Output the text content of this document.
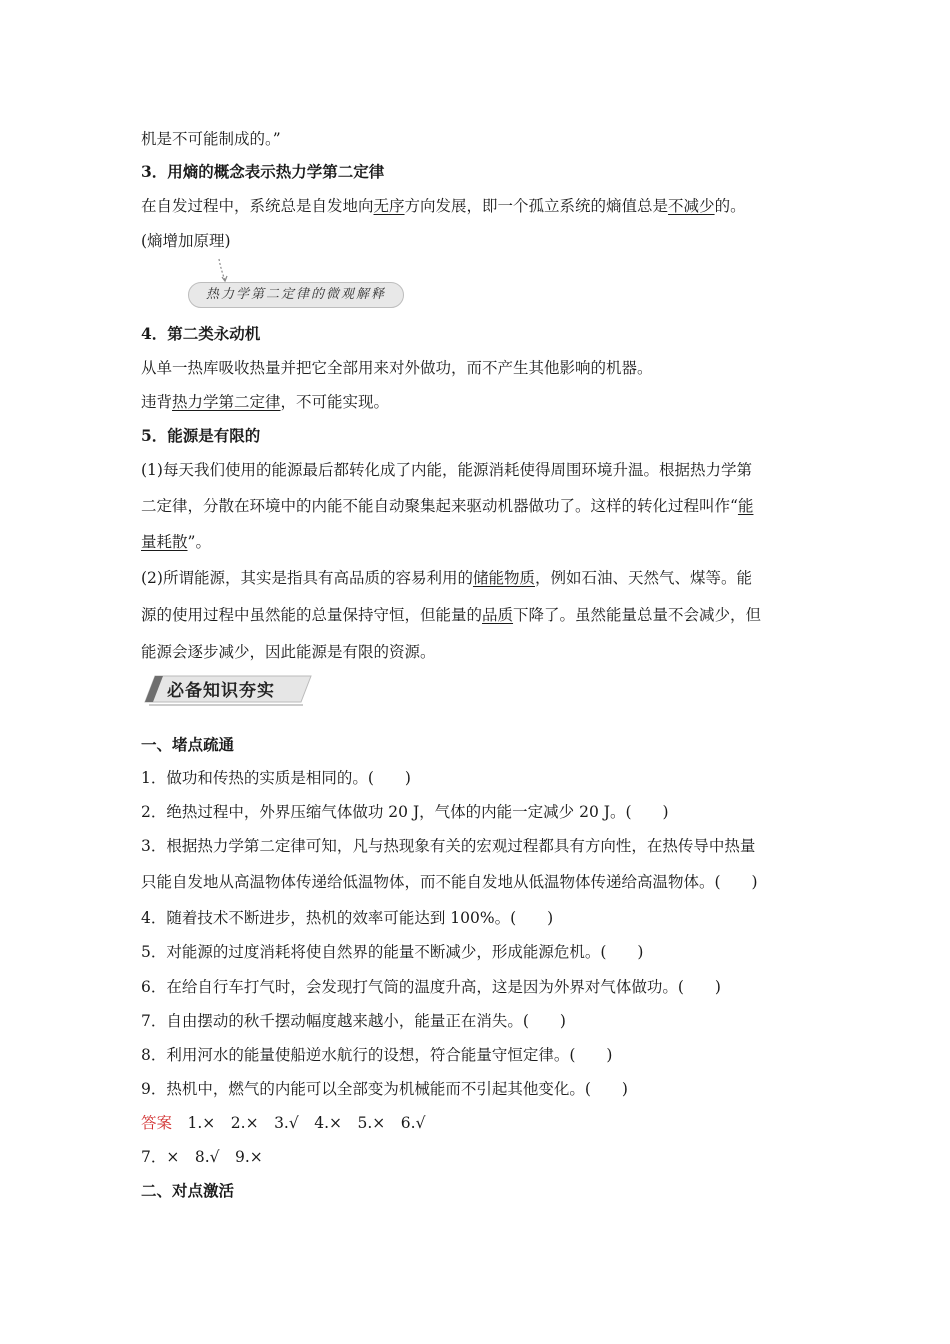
机是不可能制成的。”
3．用熵的概念表示热力学第二定律
在自发过程中，系统总是自发地向无序方向发展，即一个孤立系统的熵值总是不减少的。
(熵增加原理)
热力学第二定律的微观解释
4．第二类永动机
从单一热库吸收热量并把它全部用来对外做功，而不产生其他影响的机器。
违背热力学第二定律，不可能实现。
5．能源是有限的
(1)每天我们使用的能源最后都转化成了内能，能源消耗使得周围环境升温。根据热力学第
二定律，分散在环境中的内能不能自动聚集起来驱动机器做功了。这样的转化过程叫作“能
量耗散”。
(2)所谓能源，其实是指具有高品质的容易利用的储能物质，例如石油、天然气、煤等。能
源的使用过程中虽然能的总量保持守恒，但能量的品质下降了。虽然能量总量不会减少，但
能源会逐步减少，因此能源是有限的资源。
必备知识夯实
一、堵点疏通
1．做功和传热的实质是相同的。(　　)
2．绝热过程中，外界压缩气体做功 20 J，气体的内能一定减少 20 J。(　　)
3．根据热力学第二定律可知，凡与热现象有关的宏观过程都具有方向性，在热传导中热量
只能自发地从高温物体传递给低温物体，而不能自发地从低温物体传递给高温物体。(　　)
4．随着技术不断进步，热机的效率可能达到 100%。(　　)
5．对能源的过度消耗将使自然界的能量不断减少，形成能源危机。(　　)
6．在给自行车打气时，会发现打气筒的温度升高，这是因为外界对气体做功。(　　)
7．自由摆动的秋千摆动幅度越来越小，能量正在消失。(　　)
8．利用河水的能量使船逆水航行的设想，符合能量守恒定律。(　　)
9．热机中，燃气的内能可以全部变为机械能而不引起其他变化。(　　)
答案　1.×　2.×　3.√　4.×　5.×　6.√
7．×　8.√　9.×
二、对点激活
